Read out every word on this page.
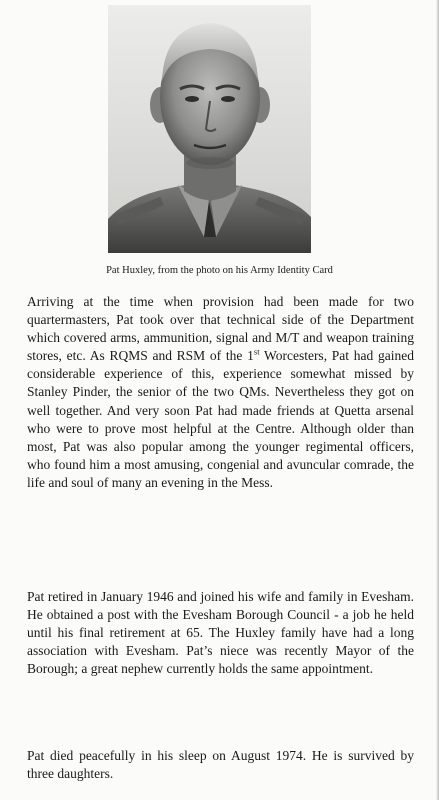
Pat Huxley, from the photo on his Army Identity Card

Arriving at the time when provision had been made for two quartermasters, Pat took over that technical side of the Department which covered arms, ammunition, signal and M/T and weapon training stores, etc. As RQMS and RSM of the 1st Worcesters, Pat had gained considerable experience of this, experience somewhat missed by Stanley Pinder, the senior of the two QMs. Nevertheless they got on well together. And very soon Pat had made friends at Quetta arsenal who were to prove most helpful at the Centre. Although older than most, Pat was also popular among the younger regimental officers, who found him a most amusing, congenial and avuncular comrade, the life and soul of many an evening in the Mess.

Pat retired in January 1946 and joined his wife and family in Evesham. He obtained a post with the Evesham Borough Council - a job he held until his final retirement at 65. The Huxley family have had a long association with Evesham. Pat’s niece was recently Mayor of the Borough; a great nephew currently holds the same appointment.

Pat died peacefully in his sleep on August 1974. He is survived by three daughters.
